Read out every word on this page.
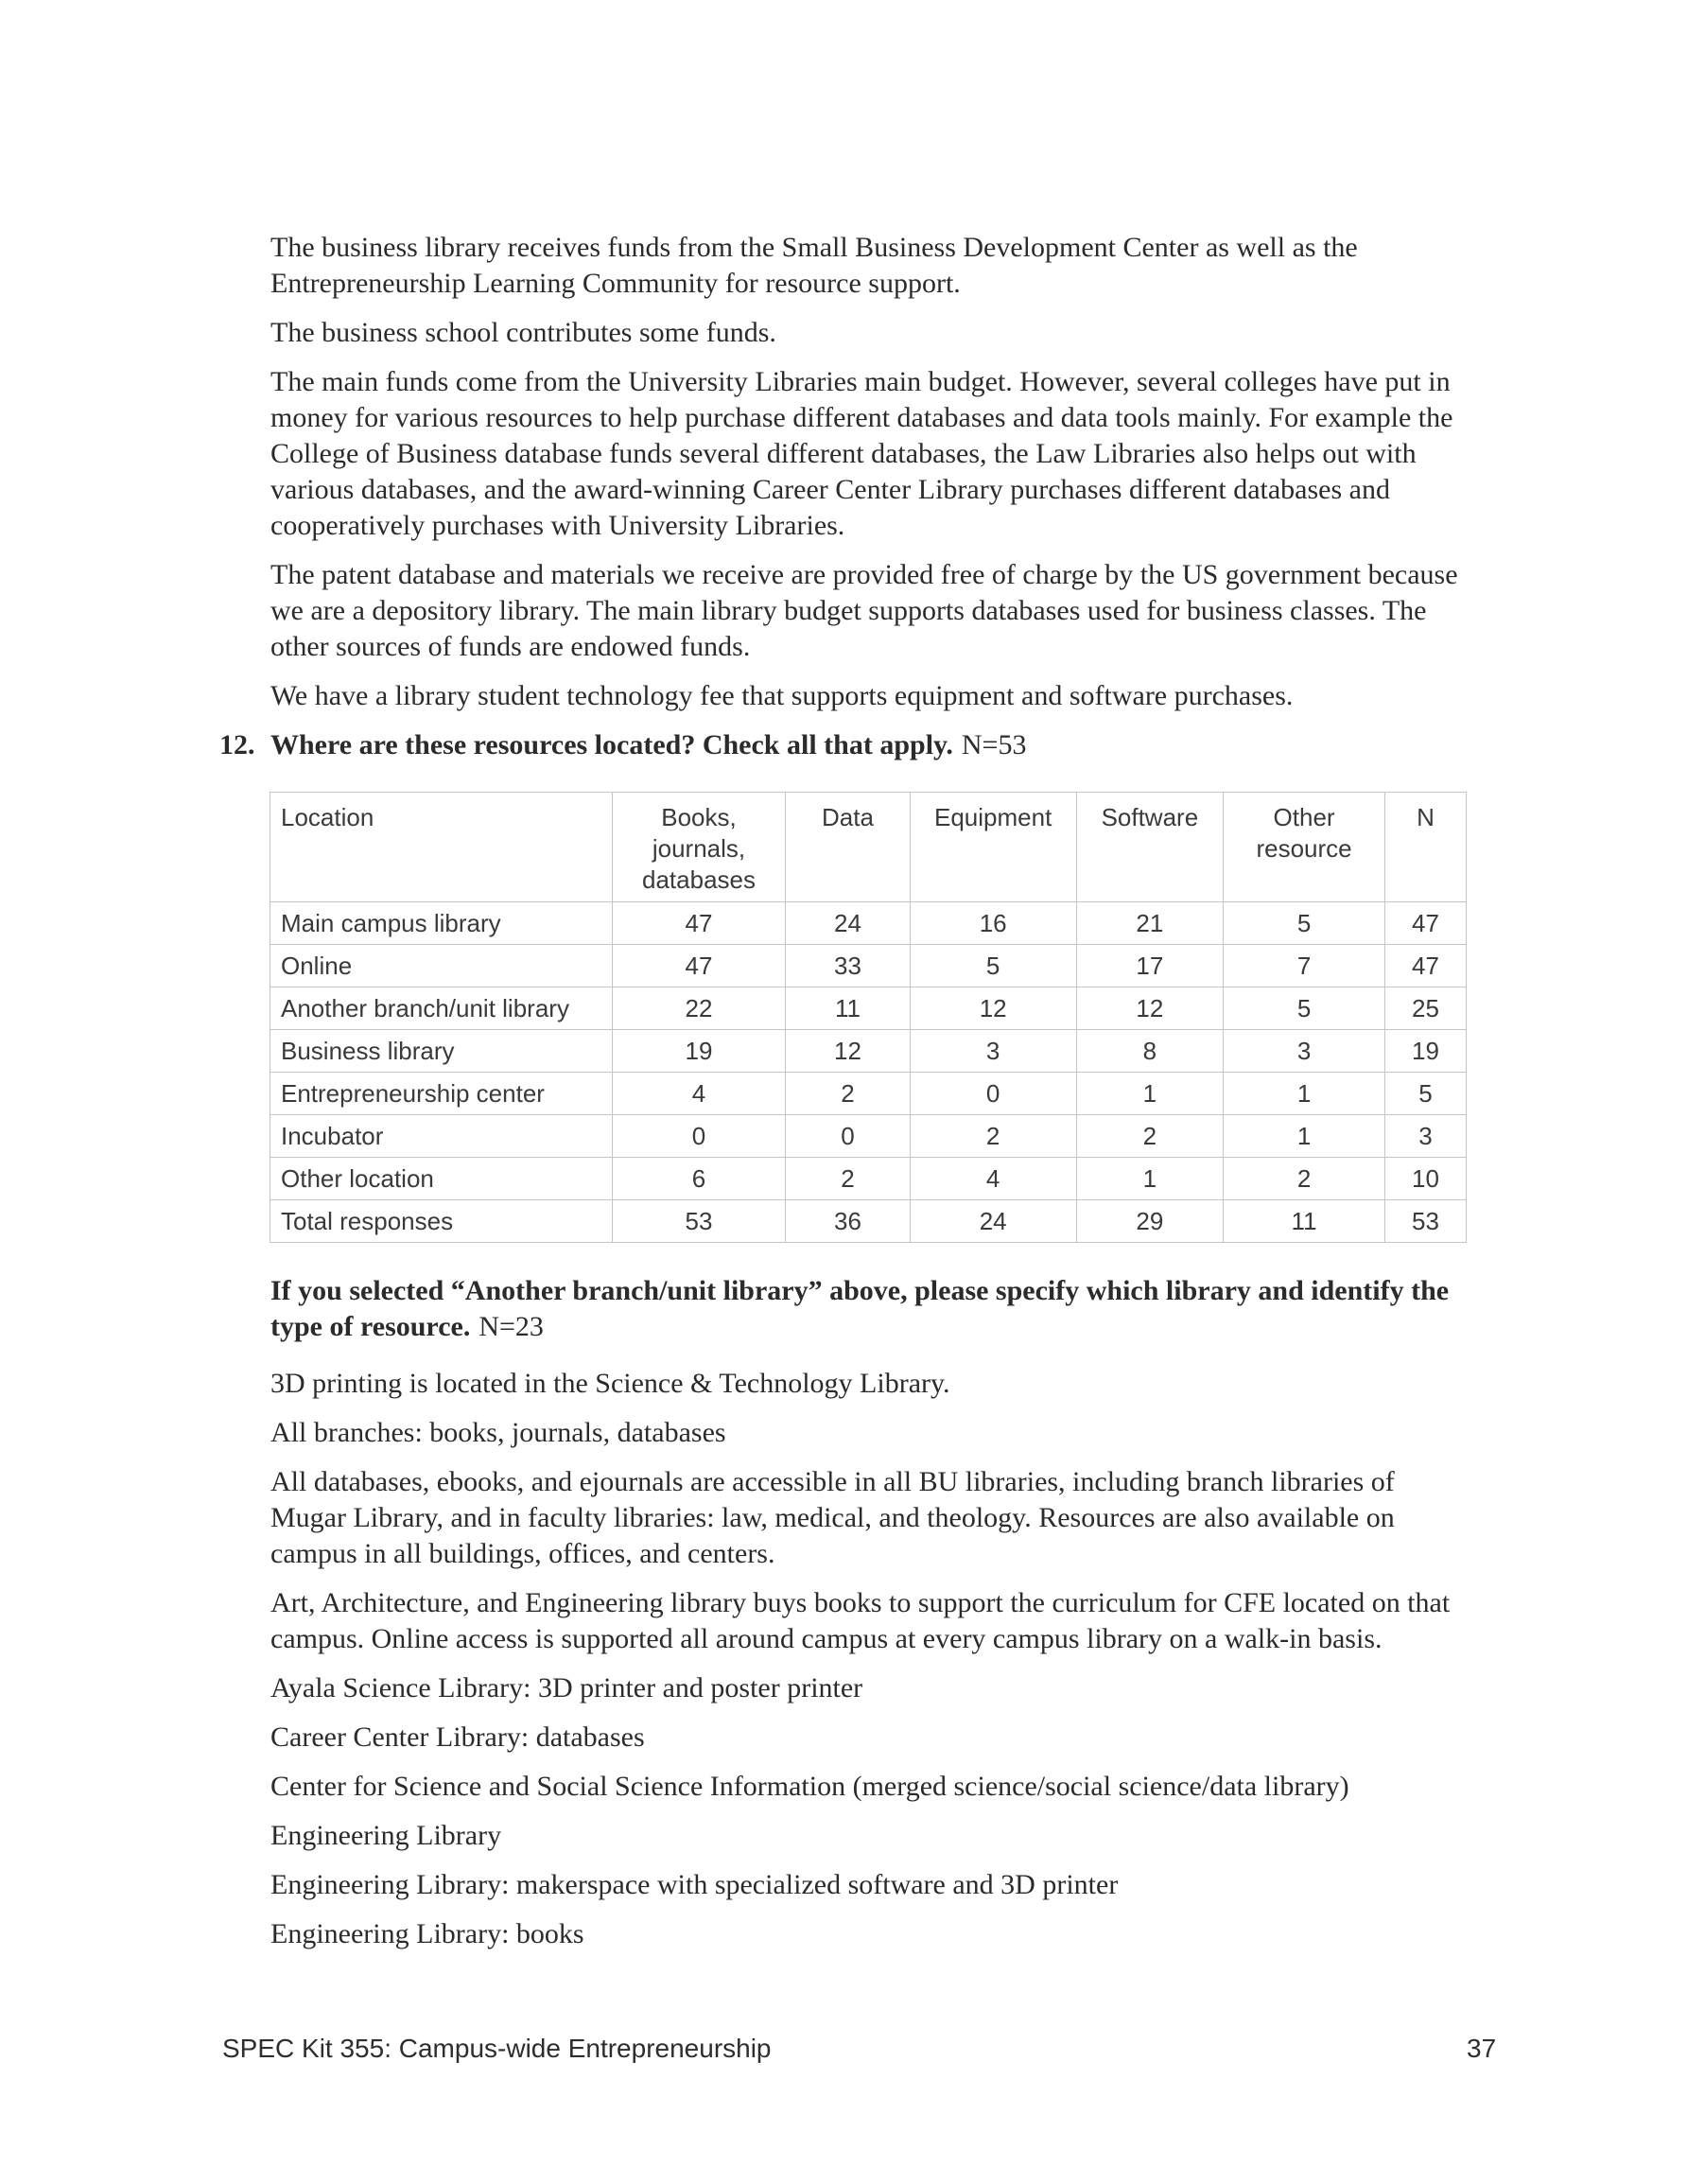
The business library receives funds from the Small Business Development Center as well as the Entrepreneurship Learning Community for resource support.

The business school contributes some funds.

The main funds come from the University Libraries main budget. However, several colleges have put in money for various resources to help purchase different databases and data tools mainly. For example the College of Business database funds several different databases, the Law Libraries also helps out with various databases, and the award-winning Career Center Library purchases different databases and cooperatively purchases with University Libraries.

The patent database and materials we receive are provided free of charge by the US government because we are a depository library. The main library budget supports databases used for business classes. The other sources of funds are endowed funds.

We have a library student technology fee that supports equipment and software purchases.

12. Where are these resources located? Check all that apply. N=53
Location	Books, journals, databases	Data	Equipment	Software	Other resource	N
Main campus library	47	24	16	21	5	47
Online	47	33	5	17	7	47
Another branch/unit library	22	11	12	12	5	25
Business library	19	12	3	8	3	19
Entrepreneurship center	4	2	0	1	1	5
Incubator	0	0	2	2	1	3
Other location	6	2	4	1	2	10
Total responses	53	36	24	29	11	53

If you selected “Another branch/unit library” above, please specify which library and identify the type of resource. N=23

3D printing is located in the Science & Technology Library.

All branches: books, journals, databases

All databases, ebooks, and ejournals are accessible in all BU libraries, including branch libraries of Mugar Library, and in faculty libraries: law, medical, and theology. Resources are also available on campus in all buildings, offices, and centers.

Art, Architecture, and Engineering library buys books to support the curriculum for CFE located on that campus. Online access is supported all around campus at every campus library on a walk-in basis.

Ayala Science Library: 3D printer and poster printer

Career Center Library: databases

Center for Science and Social Science Information (merged science/social science/data library)

Engineering Library

Engineering Library: makerspace with specialized software and 3D printer

Engineering Library: books

SPEC Kit 355: Campus-wide Entrepreneurship	37
